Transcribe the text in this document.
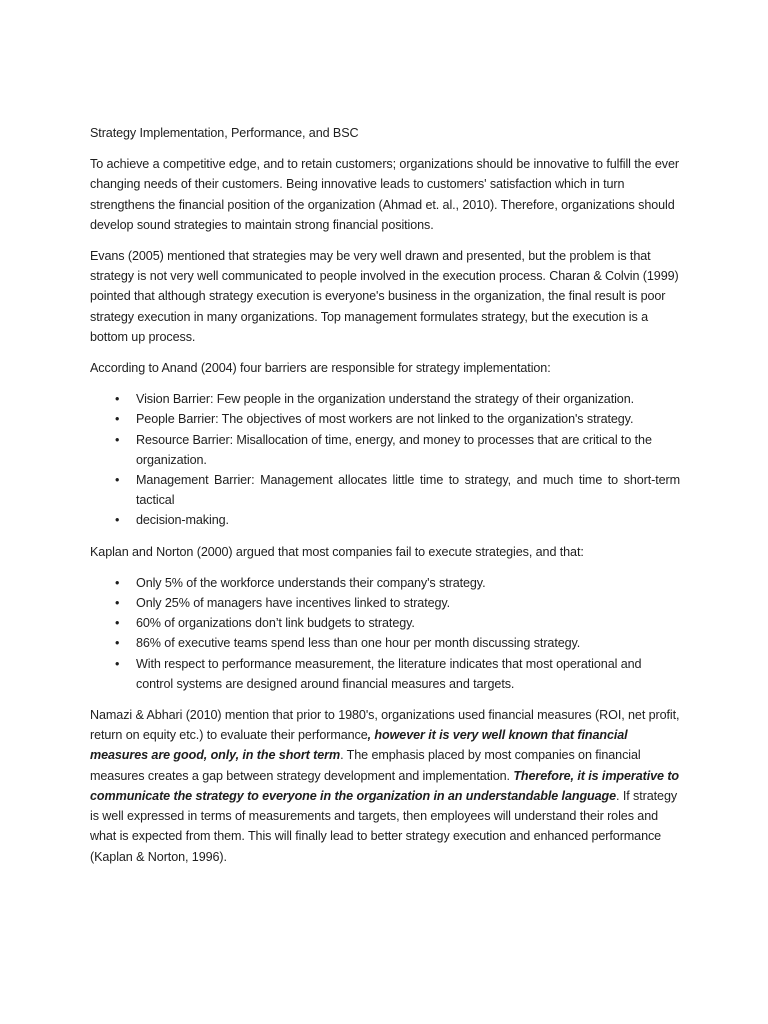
Strategy Implementation, Performance, and BSC

To achieve a competitive edge, and to retain customers; organizations should be innovative to fulfill the ever changing needs of their customers. Being innovative leads to customers' satisfaction which in turn strengthens the financial position of the organization (Ahmad et. al., 2010). Therefore, organizations should develop sound strategies to maintain strong financial positions.

Evans (2005) mentioned that strategies may be very well drawn and presented, but the problem is that strategy is not very well communicated to people involved in the execution process. Charan & Colvin (1999) pointed that although strategy execution is everyone's business in the organization, the final result is poor strategy execution in many organizations. Top management formulates strategy, but the execution is a bottom up process.

According to Anand (2004) four barriers are responsible for strategy implementation:

• Vision Barrier: Few people in the organization understand the strategy of their organization.
• People Barrier: The objectives of most workers are not linked to the organization's strategy.
• Resource Barrier: Misallocation of time, energy, and money to processes that are critical to the organization.
• Management Barrier: Management allocates little time to strategy, and much time to short-term tactical
• decision-making.

Kaplan and Norton (2000) argued that most companies fail to execute strategies, and that:

• Only 5% of the workforce understands their company's strategy.
• Only 25% of managers have incentives linked to strategy.
• 60% of organizations don’t link budgets to strategy.
• 86% of executive teams spend less than one hour per month discussing strategy.
• With respect to performance measurement, the literature indicates that most operational and control systems are designed around financial measures and targets.

Namazi & Abhari (2010) mention that prior to 1980's, organizations used financial measures (ROI, net profit, return on equity etc.) to evaluate their performance, however it is very well known that financial measures are good, only, in the short term. The emphasis placed by most companies on financial measures creates a gap between strategy development and implementation. Therefore, it is imperative to communicate the strategy to everyone in the organization in an understandable language. If strategy is well expressed in terms of measurements and targets, then employees will understand their roles and what is expected from them. This will finally lead to better strategy execution and enhanced performance (Kaplan & Norton, 1996).
